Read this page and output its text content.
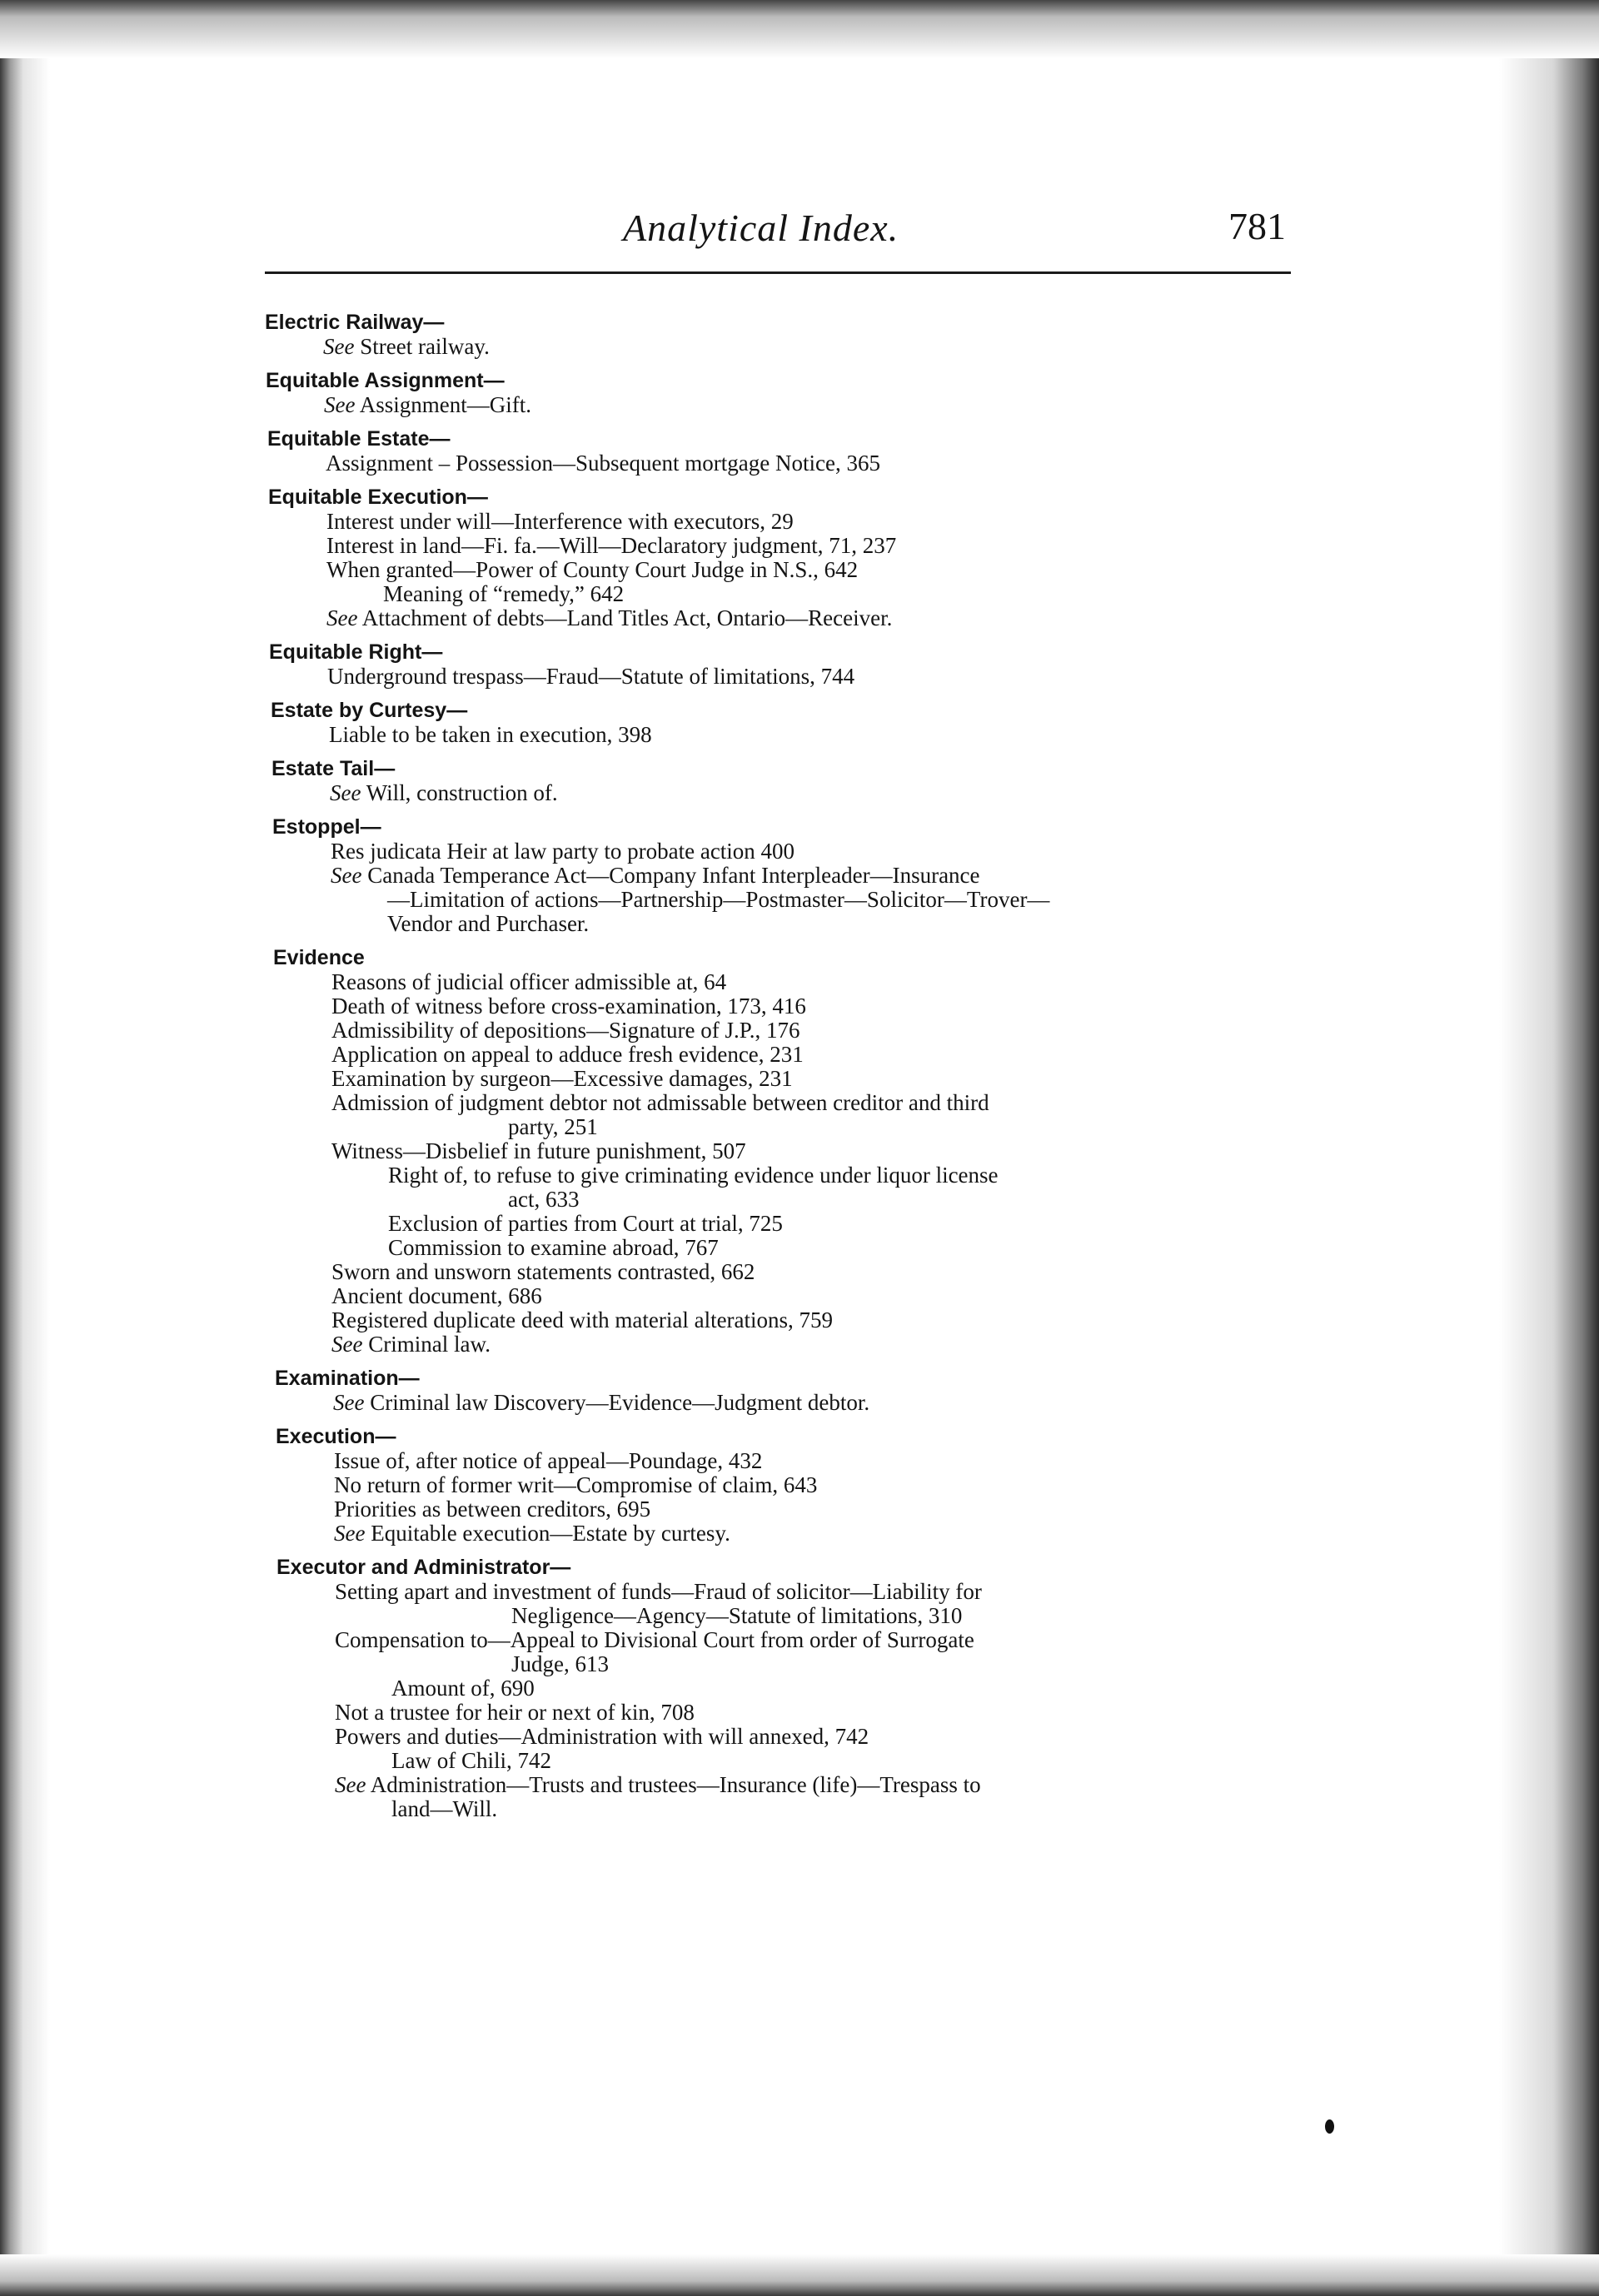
Analytical Index.	781
Electric Railway—
See Street railway.
Equitable Assignment—
See Assignment—Gift.
Equitable Estate—
Assignment – Possession—Subsequent mortgage Notice, 365
Equitable Execution—
Interest under will—Interference with executors, 29
Interest in land—Fi. fa.—Will—Declaratory judgment, 71, 237
When granted—Power of County Court Judge in N.S., 642
Meaning of “remedy,” 642
See Attachment of debts—Land Titles Act, Ontario—Receiver.
Equitable Right—
Underground trespass—Fraud—Statute of limitations, 744
Estate by Curtesy—
Liable to be taken in execution, 398
Estate Tail—
See Will, construction of.
Estoppel—
Res judicata Heir at law party to probate action 400
See Canada Temperance Act—Company Infant Interpleader—Insurance
—Limitation of actions—Partnership—Postmaster—Solicitor—Trover—
Vendor and Purchaser.
Evidence
Reasons of judicial officer admissible at, 64
Death of witness before cross-examination, 173, 416
Admissibility of depositions—Signature of J.P., 176
Application on appeal to adduce fresh evidence, 231
Examination by surgeon—Excessive damages, 231
Admission of judgment debtor not admissable between creditor and third
party, 251
Witness—Disbelief in future punishment, 507
Right of, to refuse to give criminating evidence under liquor license
act, 633
Exclusion of parties from Court at trial, 725
Commission to examine abroad, 767
Sworn and unsworn statements contrasted, 662
Ancient document, 686
Registered duplicate deed with material alterations, 759
See Criminal law.
Examination—
See Criminal law Discovery—Evidence—Judgment debtor.
Execution—
Issue of, after notice of appeal—Poundage, 432
No return of former writ—Compromise of claim, 643
Priorities as between creditors, 695
See Equitable execution—Estate by curtesy.
Executor and Administrator—
Setting apart and investment of funds—Fraud of solicitor—Liability for
Negligence—Agency—Statute of limitations, 310
Compensation to—Appeal to Divisional Court from order of Surrogate
Judge, 613
Amount of, 690
Not a trustee for heir or next of kin, 708
Powers and duties—Administration with will annexed, 742
Law of Chili, 742
See Administration—Trusts and trustees—Insurance (life)—Trespass to
land—Will.
